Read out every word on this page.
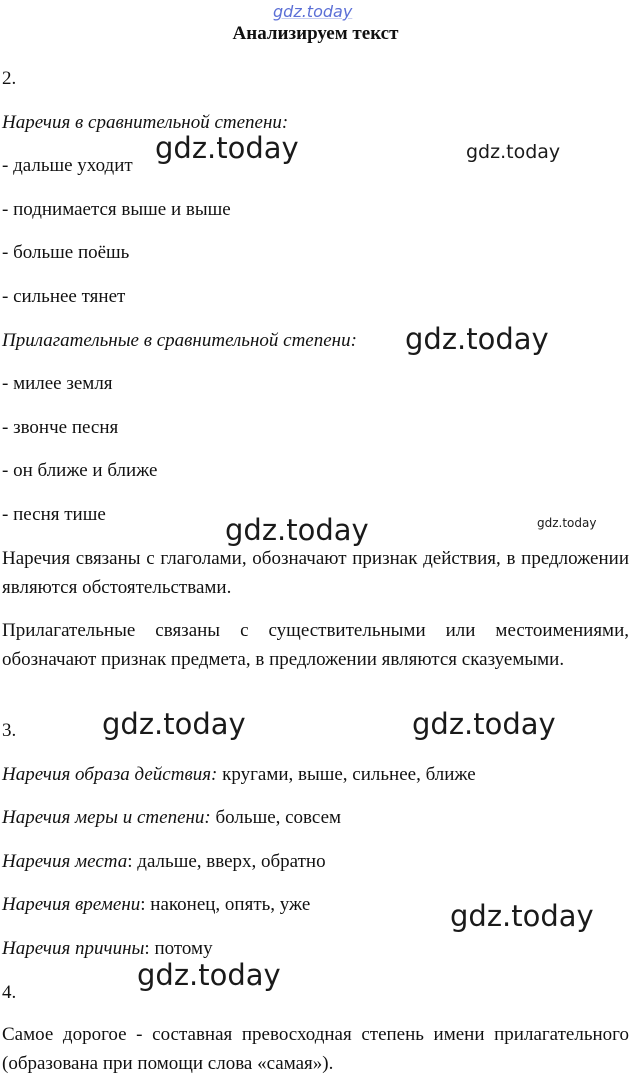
gdz.today
gdz.today	gdz.today
gdz.today
gdz.today	gdz.today
gdz.today	gdz.today
gdz.today
gdz.today
Анализируем текст
2.
Наречия в сравнительной степени:
- дальше уходит
- поднимается выше и выше
- больше поёшь
- сильнее тянет
Прилагательные в сравнительной степени:
- милее земля
- звонче песня
- он ближе и ближе
- песня тише
Наречия связаны с глаголами, обозначают признак действия, в предложении являются обстоятельствами.
Прилагательные связаны с существительными или местоимениями, обозначают признак предмета, в предложении являются сказуемыми.
3.
Наречия образа действия: кругами, выше, сильнее, ближе
Наречия меры и степени: больше, совсем
Наречия места: дальше, вверх, обратно
Наречия времени: наконец, опять, уже
Наречия причины: потому
4.
Самое дорогое - составная превосходная степень имени прилагательного (образована при помощи слова «самая»).
